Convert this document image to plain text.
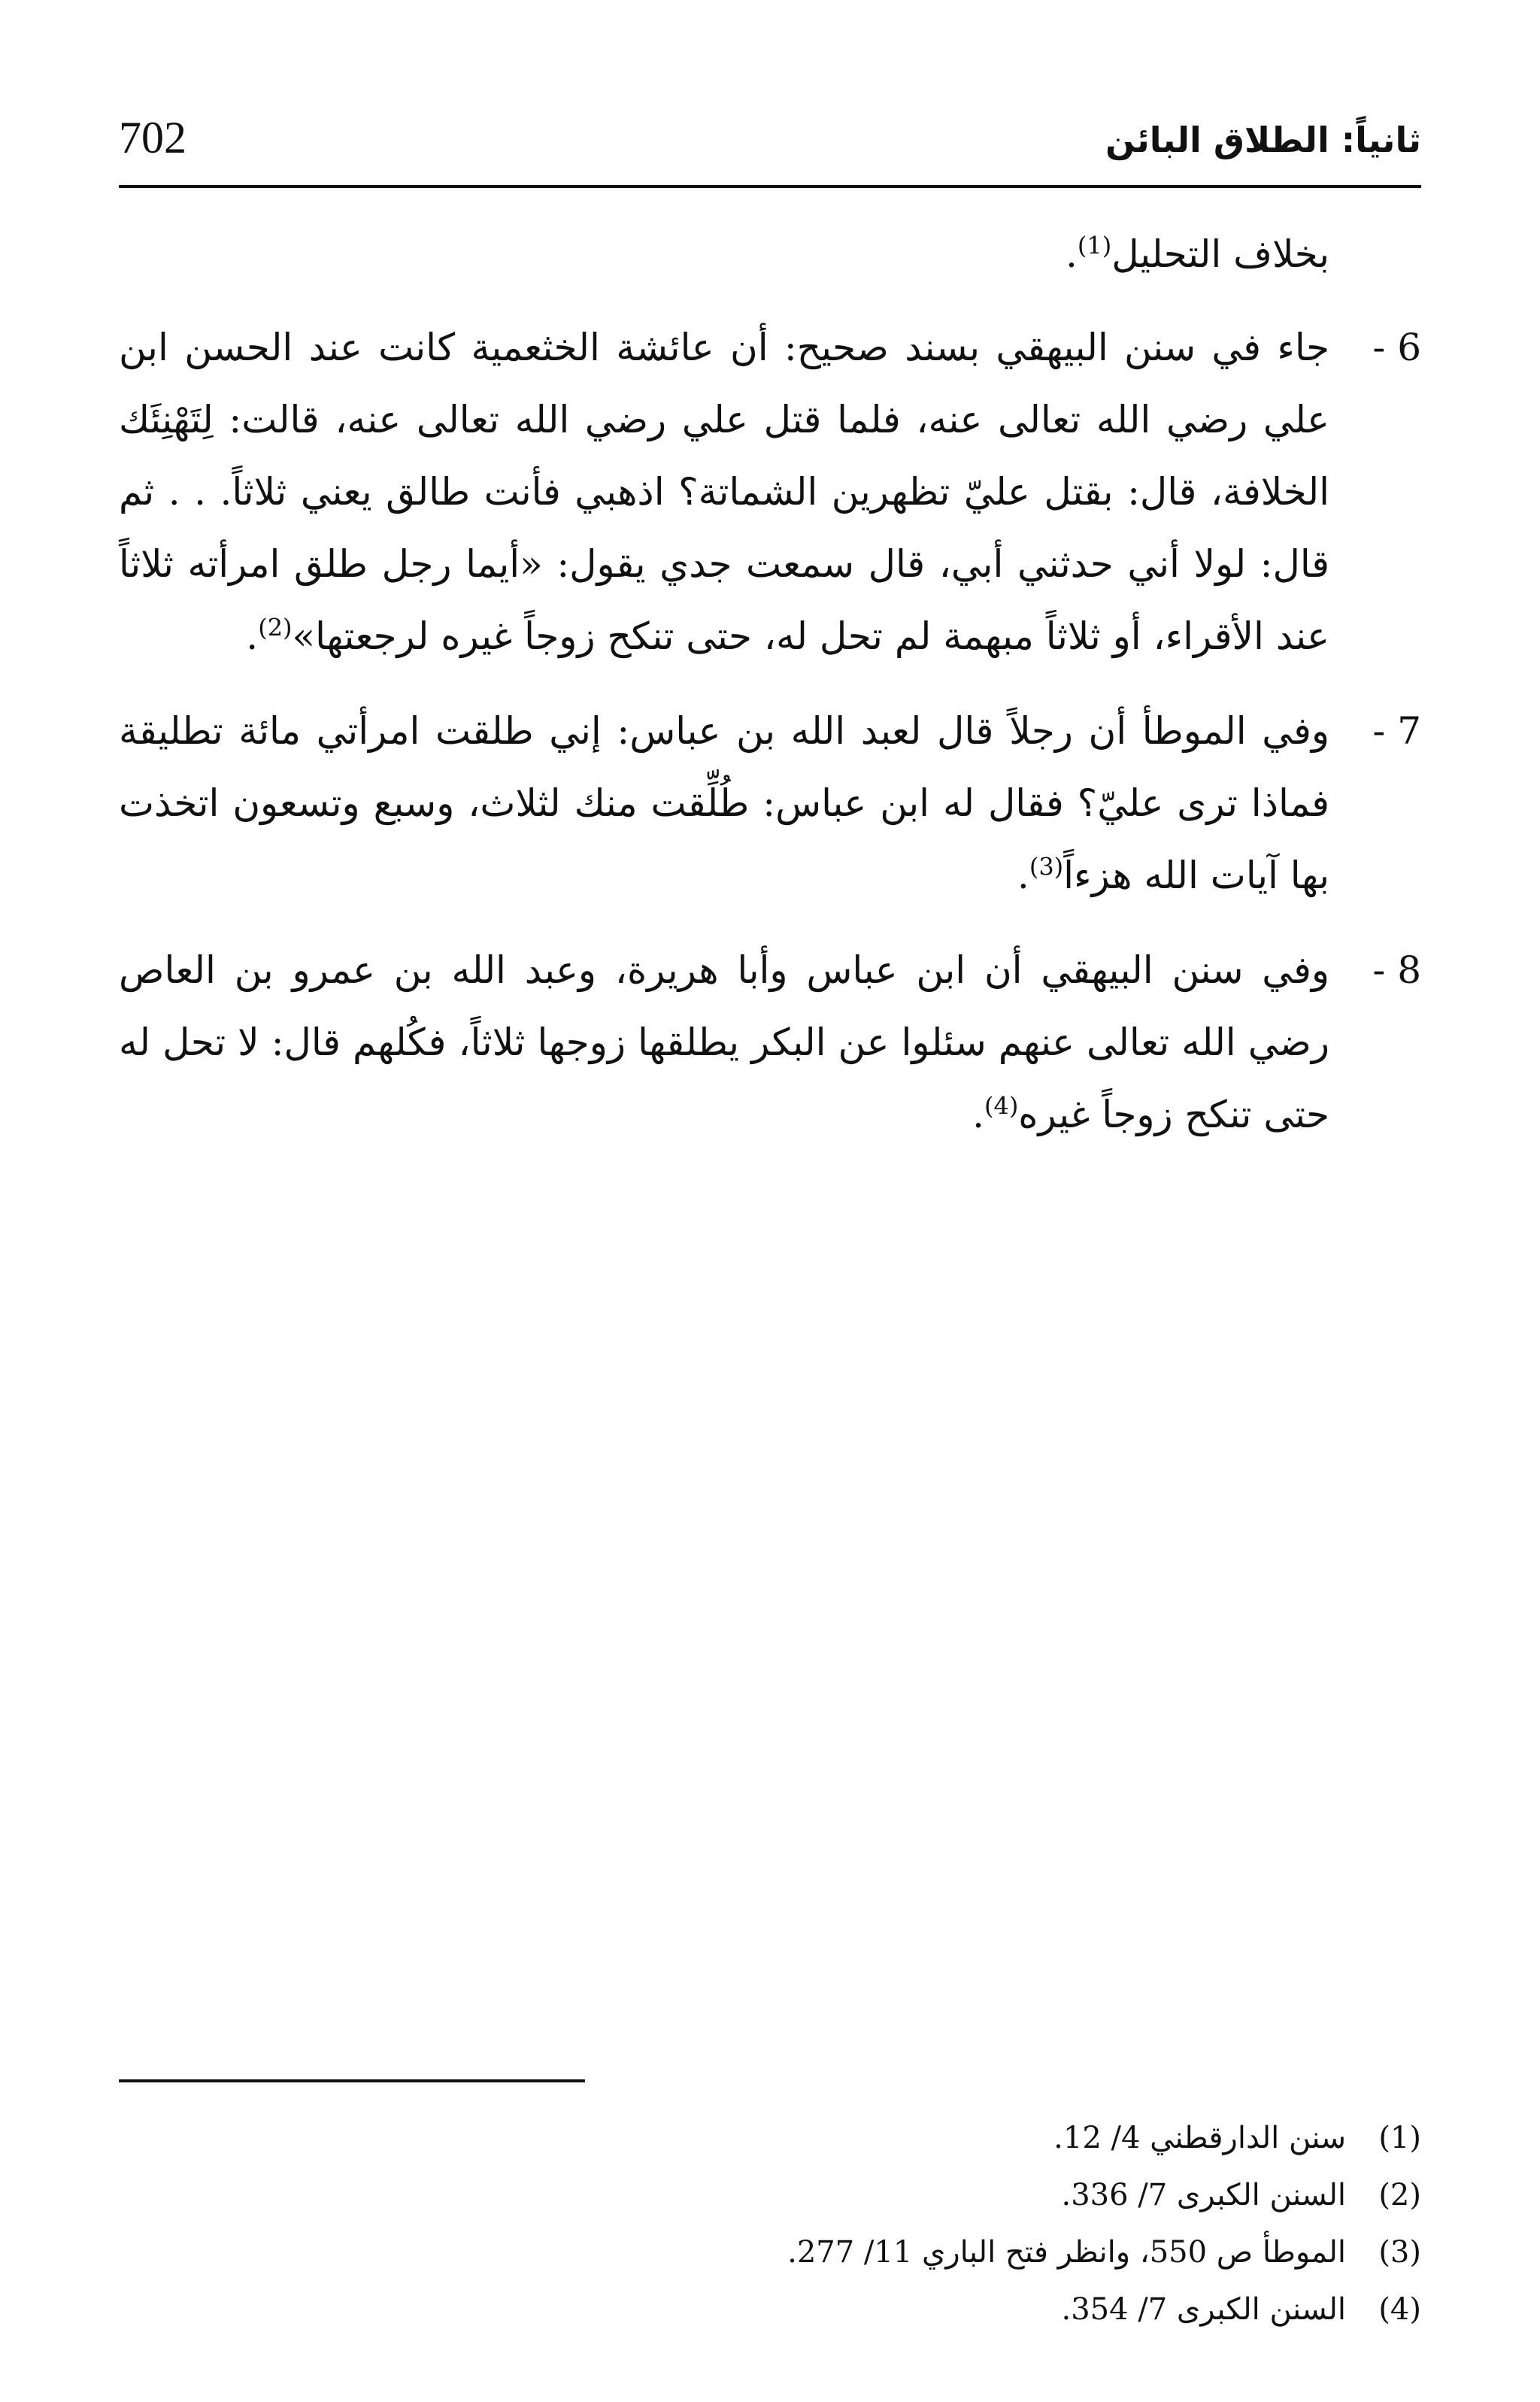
ثانياً: الطلاق البائن
702

بخلاف التحليل$^{(1)}$.

6 -
جاء في سنن البيهقي بسند صحيح: أن عائشة الخثعمية كانت عند الحسن ابن علي رضي الله تعالى عنه، فلما قتل علي رضي الله تعالى عنه، قالت: لِتَهْنِئَك الخلافة، قال: بقتل عليّ تظهرين الشماتة؟ اذهبي فأنت طالق يعني ثلاثاً. . . ثم قال: لولا أني حدثني أبي، قال سمعت جدي يقول: «أيما رجل طلق امرأته ثلاثاً عند الأقراء، أو ثلاثاً مبهمة لم تحل له، حتى تنكح زوجاً غيره لرجعتها»$^{(2)}$.
7 -
وفي الموطأ أن رجلاً قال لعبد الله بن عباس: إني طلقت امرأتي مائة تطليقة فماذا ترى عليّ؟ فقال له ابن عباس: طُلِّقت منك لثلاث، وسبع وتسعون اتخذت بها آيات الله هزءاً$^{(3)}$.
8 -
وفي سنن البيهقي أن ابن عباس وأبا هريرة، وعبد الله بن عمرو بن العاص رضي الله تعالى عنهم سئلوا عن البكر يطلقها زوجها ثلاثاً، فكُلهم قال: لا تحل له حتى تنكح زوجاً غيره$^{(4)}$.
(1)
سنن الدارقطني 4/ 12.
(2)
السنن الكبرى 7/ 336.
(3)
الموطأ ص 550، وانظر فتح الباري 11/ 277.
(4)
السنن الكبرى 7/ 354.
